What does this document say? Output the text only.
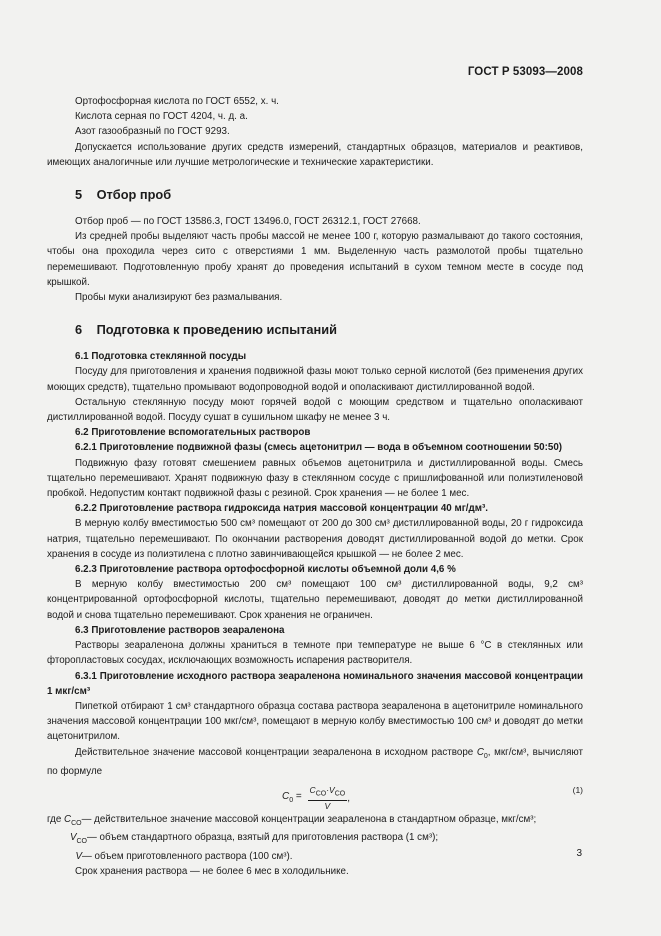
ГОСТ Р 53093—2008

Ортофосфорная кислота по ГОСТ 6552, х. ч.

Кислота серная по ГОСТ 4204, ч. д. а.

Азот газообразный по ГОСТ 9293.

Допускается использование других средств измерений, стандартных образцов, материалов и реактивов, имеющих аналогичные или лучшие метрологические и технические характеристики.

5 Отбор проб

Отбор проб — по ГОСТ 13586.3, ГОСТ 13496.0, ГОСТ 26312.1, ГОСТ 27668.

Из средней пробы выделяют часть пробы массой не менее 100 г, которую размалывают до такого состояния, чтобы она проходила через сито с отверстиями 1 мм. Выделенную часть размолотой пробы тщательно перемешивают. Подготовленную пробу хранят до проведения испытаний в сухом темном месте в сосуде под крышкой.

Пробы муки анализируют без размалывания.

6 Подготовка к проведению испытаний

6.1 Подготовка стеклянной посуды

Посуду для приготовления и хранения подвижной фазы моют только серной кислотой (без применения других моющих средств), тщательно промывают водопроводной водой и ополаскивают дистиллированной водой.

Остальную стеклянную посуду моют горячей водой с моющим средством и тщательно ополаскивают дистиллированной водой. Посуду сушат в сушильном шкафу не менее 3 ч.

6.2 Приготовление вспомогательных растворов

6.2.1 Приготовление подвижной фазы (смесь ацетонитрил — вода в объемном соотношении 50:50)

Подвижную фазу готовят смешением равных объемов ацетонитрила и дистиллированной воды. Смесь тщательно перемешивают. Хранят подвижную фазу в стеклянном сосуде с пришлифованной или полиэтиленовой пробкой. Недопустим контакт подвижной фазы с резиной. Срок хранения — не более 1 мес.

6.2.2 Приготовление раствора гидроксида натрия массовой концентрации 40 мг/дм³.

В мерную колбу вместимостью 500 см³ помещают от 200 до 300 см³ дистиллированной воды, 20 г гидроксида натрия, тщательно перемешивают. По окончании растворения доводят дистиллированной водой до метки. Срок хранения в сосуде из полиэтилена с плотно завинчивающейся крышкой — не более 2 мес.

6.2.3 Приготовление раствора ортофосфорной кислоты объемной доли 4,6 %

В мерную колбу вместимостью 200 см³ помещают 100 см³ дистиллированной воды, 9,2 см³ концентрированной ортофосфорной кислоты, тщательно перемешивают, доводят до метки дистиллированной водой и снова тщательно перемешивают. Срок хранения не ограничен.

6.3 Приготовление растворов зеараленона

Растворы зеараленона должны храниться в темноте при температуре не выше 6 °С в стеклянных или фторопластовых сосудах, исключающих возможность испарения растворителя.

6.3.1 Приготовление исходного раствора зеараленона номинального значения массовой концентрации 1 мкг/см³

Пипеткой отбирают 1 см³ стандартного образца состава раствора зеараленона в ацетонитриле номинального значения массовой концентрации 100 мкг/см³, помещают в мерную колбу вместимостью 100 см³ и доводят до метки ацетонитрилом.

Действительное значение массовой концентрации зеараленона в исходном растворе $C_0$, мкг/см³, вычисляют по формуле

$C_0 = \frac{C_{CO}\cdot V_{CO}}{V}$ ,
(1)
где $C_{CO}$ — действительное значение массовой концентрации зеараленона в стандартном образце, мкг/см³;
$V_{CO}$ — объем стандартного образца, взятый для приготовления раствора (1 см³);
V — объем приготовленного раствора (100 см³).

Срок хранения раствора — не более 6 мес в холодильнике.

3
